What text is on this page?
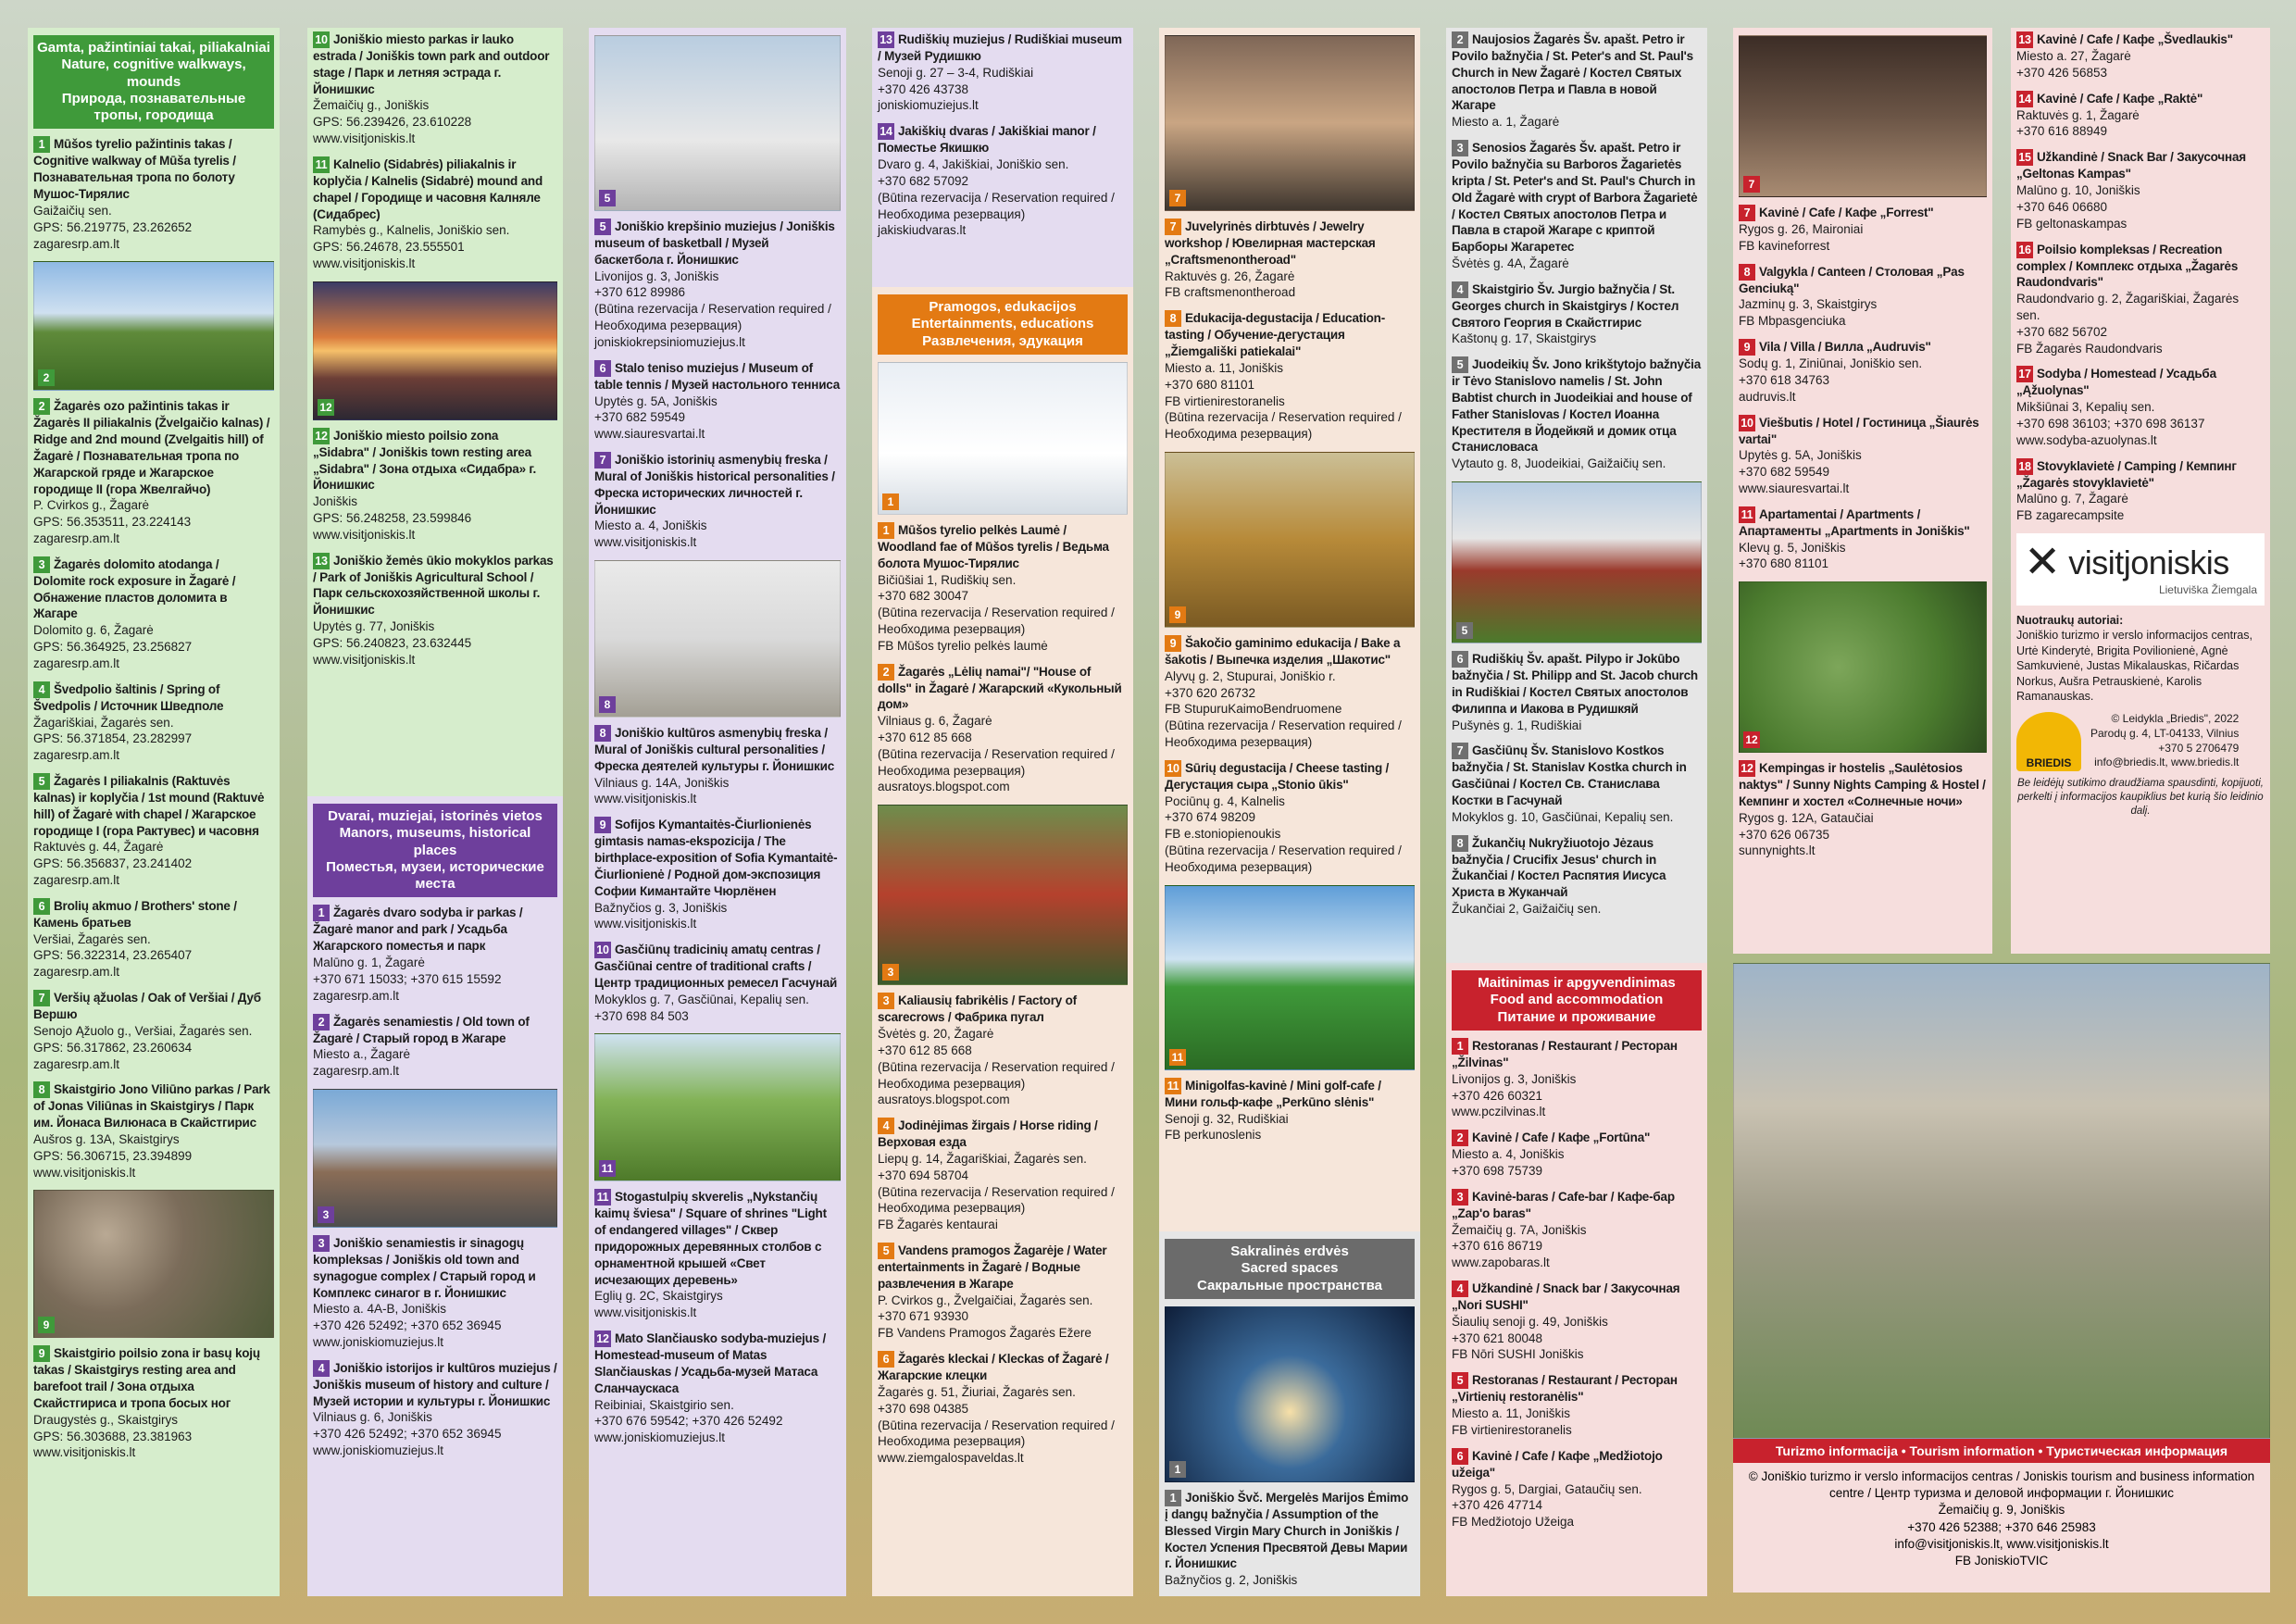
Gamta, pažintiniai takai, piliakalniai
Nature, cognitive walkways, mounds
Природа, познавательные тропы, городища
1 Mūšos tyrelio pažintinis takas / Cognitive walkway of Mūša tyrelis / Познавательная тропа по болоту Мушос-Тирялис
Gaižaičių sen.
GPS: 56.219775, 23.262652
zagaresrp.am.lt
2
2 Žagarės ozo pažintinis takas ir Žagarės II piliakalnis (Žvelgaičio kalnas) / Ridge and 2nd mound (Zvelgaitis hill) of Žagarė / Познавательная тропа по Жагарской гряде и Жагарское городище II (гора Жвелгайчо)
P. Cvirkos g., Žagarė
GPS: 56.353511, 23.224143
zagaresrp.am.lt
3 Žagarės dolomito atodanga / Dolomite rock exposure in Žagarė / Обнажение пластов доломита в Жагаре
Dolomito g. 6, Žagarė
GPS: 56.364925, 23.256827
zagaresrp.am.lt
4 Švedpolio šaltinis / Spring of Švedpolis / Источник Шведполе
Žagariškiai, Žagarės sen.
GPS: 56.371854, 23.282997
zagaresrp.am.lt
5 Žagarės I piliakalnis (Raktuvės kalnas) ir koplyčia / 1st mound (Raktuvė hill) of Žagarė with chapel / Жагарское городище I (гора Рактувес) и часовня
Raktuvės g. 44, Žagarė
GPS: 56.356837, 23.241402
zagaresrp.am.lt
6 Brolių akmuo / Brothers' stone / Камень братьев
Veršiai, Žagarės sen.
GPS: 56.322314, 23.265407
zagaresrp.am.lt
7 Veršių ąžuolas / Oak of Veršiai / Дуб Вершю
Senojo Ąžuolo g., Veršiai, Žagarės sen.
GPS: 56.317862, 23.260634
zagaresrp.am.lt
8 Skaistgirio Jono Viliūno parkas / Park of Jonas Viliūnas in Skaistgirys / Парк им. Йонаса Вилюнаса в Скайстгирис
Aušros g. 13A, Skaistgirys
GPS: 56.306715, 23.394899
www.visitjoniskis.lt
9
9 Skaistgirio poilsio zona ir basų kojų takas / Skaistgirys resting area and barefoot trail / Зона отдыха Скайстгириса и тропа босых ног
Draugystės g., Skaistgirys
GPS: 56.303688, 23.381963
www.visitjoniskis.lt
10 Joniškio miesto parkas ir lauko estrada / Joniškis town park and outdoor stage / Парк и летняя эстрада г. Йонишкис
Žemaičių g., Joniškis
GPS: 56.239426, 23.610228
www.visitjoniskis.lt
11 Kalnelio (Sidabrės) piliakalnis ir koplyčia / Kalnelis (Sidabrė) mound and chapel / Городище и часовня Калняле (Сидабрес)
Ramybės g., Kalnelis, Joniškio sen.
GPS: 56.24678, 23.555501
www.visitjoniskis.lt
12
12 Joniškio miesto poilsio zona „Sidabra" / Joniškis town resting area „Sidabra" / Зона отдыха «Сидабра» г. Йонишкис
Joniškis
GPS: 56.248258, 23.599846
www.visitjoniskis.lt
13 Joniškio žemės ūkio mokyklos parkas / Park of Joniškis Agricultural School / Парк сельскохозяйственной школы г. Йонишкис
Upytės g. 77, Joniškis
GPS: 56.240823, 23.632445
www.visitjoniskis.lt
Dvarai, muziejai, istorinės vietos
Manors, museums, historical places
Поместья, музеи, исторические места
1 Žagarės dvaro sodyba ir parkas / Žagarė manor and park / Усадьба Жагарского поместья и парк
Malūno g. 1, Žagarė
+370 671 15033; +370 615 15592
zagaresrp.am.lt
2 Žagarės senamiestis / Old town of Žagarė / Старый город в Жагаре
Miesto a., Žagarė
zagaresrp.am.lt
3
3 Joniškio senamiestis ir sinagogų kompleksas / Joniškis old town and synagogue complex / Старый город и Комплекс синагог в г. Йонишкис
Miesto a. 4A-B, Joniškis
+370 426 52492; +370 652 36945
www.joniskiomuziejus.lt
4 Joniškio istorijos ir kultūros muziejus / Joniškis museum of history and culture / Музей истории и культуры г. Йонишкис
Vilniaus g. 6, Joniškis
+370 426 52492; +370 652 36945
www.joniskiomuziejus.lt
5
5 Joniškio krepšinio muziejus / Joniškis museum of basketball / Музей баскетбола г. Йонишкис
Livonijos g. 3, Joniškis
+370 612 89986
(Būtina rezervacija / Reservation required / Необходима резервация)
joniskiokrepsiniomuziejus.lt
6 Stalo teniso muziejus / Museum of table tennis / Музей настольного тенниса
Upytės g. 5A, Joniškis
+370 682 59549
www.siauresvartai.lt
7 Joniškio istorinių asmenybių freska / Mural of Joniškis historical personalities / Фреска исторических личностей г. Йонишкис
Miesto a. 4, Joniškis
www.visitjoniskis.lt
8
8 Joniškio kultūros asmenybių freska / Mural of Joniškis cultural personalities / Фреска деятелей культуры г. Йонишкис
Vilniaus g. 14A, Joniškis
www.visitjoniskis.lt
9 Sofijos Kymantaitės-Čiurlionienės gimtasis namas-ekspozicija / The birthplace-exposition of Sofia Kymantaitė-Čiurlionienė / Родной дом-экспозиция Софии Кимантайте Чюрлёнен
Bažnyčios g. 3, Joniškis
www.visitjoniskis.lt
10 Gasčiūnų tradicinių amatų centras / Gasčiūnai centre of traditional crafts / Центр традиционных ремесел Гасчунай
Mokyklos g. 7, Gasčiūnai, Kepalių sen.
+370 698 84 503
11
11 Stogastulpių skverelis „Nykstančių kaimų šviesa" / Square of shrines "Light of endangered villages" / Сквер придорожных деревянных столбов с орнаментной крышей «Свет исчезающих деревень»
Eglių g. 2C, Skaistgirys
www.visitjoniskis.lt
12 Mato Slančiausko sodyba-muziejus / Homestead-museum of Matas Slančiauskas / Усадьба-музей Матаса Сланчаускаса
Reibiniai, Skaistgirio sen.
+370 676 59542; +370 426 52492
www.joniskiomuziejus.lt
13 Rudiškių muziejus / Rudiškiai museum / Музей Рудишкю
Senoji g. 27 – 3-4, Rudiškiai
+370 426 43738
joniskiomuziejus.lt
14 Jakiškių dvaras / Jakiškiai manor / Поместье Якишкю
Dvaro g. 4, Jakiškiai, Joniškio sen.
+370 682 57092
(Būtina rezervacija / Reservation required / Необходима резервация)
jakiskiudvaras.lt
Pramogos, edukacijos
Entertainments, educations
Развлечения, эдукация
1
1 Mūšos tyrelio pelkės Laumė / Woodland fae of Mūšos tyrelis / Ведьма болота Мушос-Тирялис
Bičiūšiai 1, Rudiškių sen.
+370 682 30047
(Būtina rezervacija / Reservation required / Необходима резервация)
FB Mūšos tyrelio pelkės laumė
2 Žagarės „Lėlių namai"/ "House of dolls" in Žagarė / Жагарский «Кукольный дом»
Vilniaus g. 6, Žagarė
+370 612 85 668
(Būtina rezervacija / Reservation required / Необходима резервация)
ausratoys.blogspot.com
3
3 Kaliausių fabrikėlis / Factory of scarecrows / Фабрика пугал
Švėtės g. 20, Žagarė
+370 612 85 668
(Būtina rezervacija / Reservation required / Необходима резервация)
ausratoys.blogspot.com
4 Jodinėjimas žirgais / Horse riding / Верховая езда
Liepų g. 14, Žagariškiai, Žagarės sen.
+370 694 58704
(Būtina rezervacija / Reservation required / Необходима резервация)
FB Žagarės kentaurai
5 Vandens pramogos Žagarėje / Water entertainments in Žagarė / Водные развлечения в Жагаре
P. Cvirkos g., Žvelgaičiai, Žagarės sen.
+370 671 93930
FB Vandens Pramogos Žagarės Ežere
6 Žagarės kleckai / Kleckas of Žagarė / Жагарские клецки
Žagarės g. 51, Žiuriai, Žagarės sen.
+370 698 04385
(Būtina rezervacija / Reservation required / Необходима резервация)
www.ziemgalospaveldas.lt
7
7 Juvelyrinės dirbtuvės / Jewelry workshop / Ювелирная мастерская „Craftsmenontheroad"
Raktuvės g. 26, Žagarė
FB craftsmenontheroad
8 Edukacija-degustacija / Education-tasting / Обучение-дегустация „Žiemgališki patiekalai"
Miesto a. 11, Joniškis
+370 680 81101
FB virtienirestoranelis
(Būtina rezervacija / Reservation required / Необходима резервация)
9
9 Šakočio gaminimo edukacija / Bake a šakotis / Выпечка изделия „Шакотис"
Alyvų g. 2, Stupurai, Joniškio r.
+370 620 26732
FB StupuruKaimoBendruomene
(Būtina rezervacija / Reservation required / Необходима резервация)
10 Sūrių degustacija / Cheese tasting / Дегустация сыра „Stonio ūkis"
Pociūnų g. 4, Kalnelis
+370 674 98209
FB e.stoniopienoukis
(Būtina rezervacija / Reservation required / Необходима резервация)
11
11 Minigolfas-kavinė / Mini golf-cafe / Мини гольф-кафе „Perkūno slėnis"
Senoji g. 32, Rudiškiai
FB perkunoslenis
Sakralinės erdvės
Sacred spaces
Сакральные пространства
1
1 Joniškio Švč. Mergelės Marijos Ėmimo į dangų bažnyčia / Assumption of the Blessed Virgin Mary Church in Joniškis / Костел Успения Пресвятой Девы Марии г. Йонишкис
Bažnyčios g. 2, Joniškis
2 Naujosios Žagarės Šv. apašt. Petro ir Povilo bažnyčia / St. Peter's and St. Paul's Church in New Žagarė / Костел Святых апостолов Петра и Павла в новой Жагаре
Miesto a. 1, Žagarė
3 Senosios Žagarės Šv. apašt. Petro ir Povilo bažnyčia su Barboros Žagarietės kripta / St. Peter's and St. Paul's Church in Old Žagarė with crypt of Barbora Žagarietė / Костел Святых апостолов Петра и Павла в старой Жагаре с криптой Барборы Жагаретес
Švėtės g. 4A, Žagarė
4 Skaistgirio Šv. Jurgio bažnyčia / St. Georges church in Skaistgirys / Костел Святого Георгия в Скайстгирис
Kaštonų g. 17, Skaistgirys
5 Juodeikių Šv. Jono krikštytojo bažnyčia ir Tėvo Stanislovo namelis / St. John Babtist church in Juodeikiai and house of Father Stanislovas / Костел Иоанна Крестителя в Йодейкяй и домик отца Станисловаса
Vytauto g. 8, Juodeikiai, Gaižaičių sen.
5
6 Rudiškių Šv. apašt. Pilypo ir Jokūbo bažnyčia / St. Philipp and St. Jacob church in Rudiškiai / Костел Святых апостолов Филиппа и Иакова в Рудишкяй
Pušynės g. 1, Rudiškiai
7 Gasčiūnų Šv. Stanislovo Kostkos bažnyčia / St. Stanislav Kostka church in Gasčiūnai / Костел Св. Станислава Костки в Гасчунай
Mokyklos g. 10, Gasčiūnai, Kepalių sen.
8 Žukančių Nukryžiuotojo Jėzaus bažnyčia / Crucifix Jesus' church in Žukančiai / Костел Распятия Иисуса Христа в Жуканчай
Žukančiai 2, Gaižaičių sen.
Maitinimas ir apgyvendinimas
Food and accommodation
Питание и проживание
1 Restoranas / Restaurant / Ресторан „Žilvinas"
Livonijos g. 3, Joniškis
+370 426 60321
www.pczilvinas.lt
2 Kavinė / Cafe / Кафе „Fortūna"
Miesto a. 4, Joniškis
+370 698 75739
3 Kavinė-baras / Cafe-bar / Кафе-бар „Zap'o baras"
Žemaičių g. 7A, Joniškis
+370 616 86719
www.zapobaras.lt
4 Užkandinė / Snack bar / Закусочная „Nori SUSHI"
Šiaulių senoji g. 49, Joniškis
+370 621 80048
FB Nōri SUSHI Joniškis
5 Restoranas / Restaurant / Ресторан „Virtienių restoranėlis"
Miesto a. 11, Joniškis
FB virtienirestoranelis
6 Kavinė / Cafe / Кафе „Medžiotojo užeiga"
Rygos g. 5, Dargiai, Gataučių sen.
+370 426 47714
FB Medžiotojo Užeiga
7
7 Kavinė / Cafe / Кафе „Forrest"
Rygos g. 26, Maironiai
FB kavineforrest
8 Valgykla / Canteen / Столовая „Pas Genciuką"
Jazminų g. 3, Skaistgirys
FB Mbpasgenciuka
9 Vila / Villa / Вилла „Audruvis"
Sodų g. 1, Ziniūnai, Joniškio sen.
+370 618 34763
audruvis.lt
10 Viešbutis / Hotel / Гостиница „Šiaurės vartai"
Upytės g. 5A, Joniškis
+370 682 59549
www.siauresvartai.lt
11 Apartamentai / Apartments / Апартаменты „Apartments in Joniškis"
Klevų g. 5, Joniškis
+370 680 81101
12
12 Kempingas ir hostelis „Saulėtosios naktys" / Sunny Nights Camping & Hostel / Кемпинг и хостел «Солнечные ночи»
Rygos g. 12A, Gataučiai
+370 626 06735
sunnynights.lt
13 Kavinė / Cafe / Кафе „Švedlaukis"
Miesto a. 27, Žagarė
+370 426 56853
14 Kavinė / Cafe / Кафе „Raktė"
Raktuvės g. 1, Žagarė
+370 616 88949
15 Užkandinė / Snack Bar / Закусочная „Geltonas Kampas"
Malūno g. 10, Joniškis
+370 646 06680
FB geltonaskampas
16 Poilsio kompleksas / Recreation complex / Комплекс отдыха „Žagarės Raudondvaris"
Raudondvario g. 2, Žagariškiai, Žagarės sen.
+370 682 56702
FB Žagarės Raudondvaris
17 Sodyba / Homestead / Усадьба „Ąžuolynas"
Mikšiūnai 3, Kepalių sen.
+370 698 36103; +370 698 36137
www.sodyba-azuolynas.lt
18 Stovyklavietė / Camping / Кемпинг „Žagarės stovyklavietė"
Malūno g. 7, Žagarė
FB zagarecampsite
✕ visitjoniskis
Lietuviška Žiemgala
Nuotraukų autoriai:
Joniškio turizmo ir verslo informacijos centras, Urtė Kinderytė, Brigita Povilionienė, Agnė Samkuvienė, Justas Mikalauskas, Ričardas Norkus, Aušra Petrauskienė, Karolis Ramanauskas.
BRIEDIS
© Leidykla „Briedis", 2022
Parodų g. 4, LT-04133, Vilnius
+370 5 2706479
info@briedis.lt, www.briedis.lt
Be leidėjų sutikimo draudžiama spausdinti, kopijuoti, perkelti į informacijos kaupiklius bet kurią šio leidinio dalį.
Turizmo informacija • Tourism information • Туристическая информация
© Joniškio turizmo ir verslo informacijos centras / Joniskis tourism and business information centre / Центр туризма и деловой информации г. Йонишкис
Žemaičių g. 9, Joniškis
+370 426 52388; +370 646 25983
info@visitjoniskis.lt, www.visitjoniskis.lt
FB JoniskioTVIC
